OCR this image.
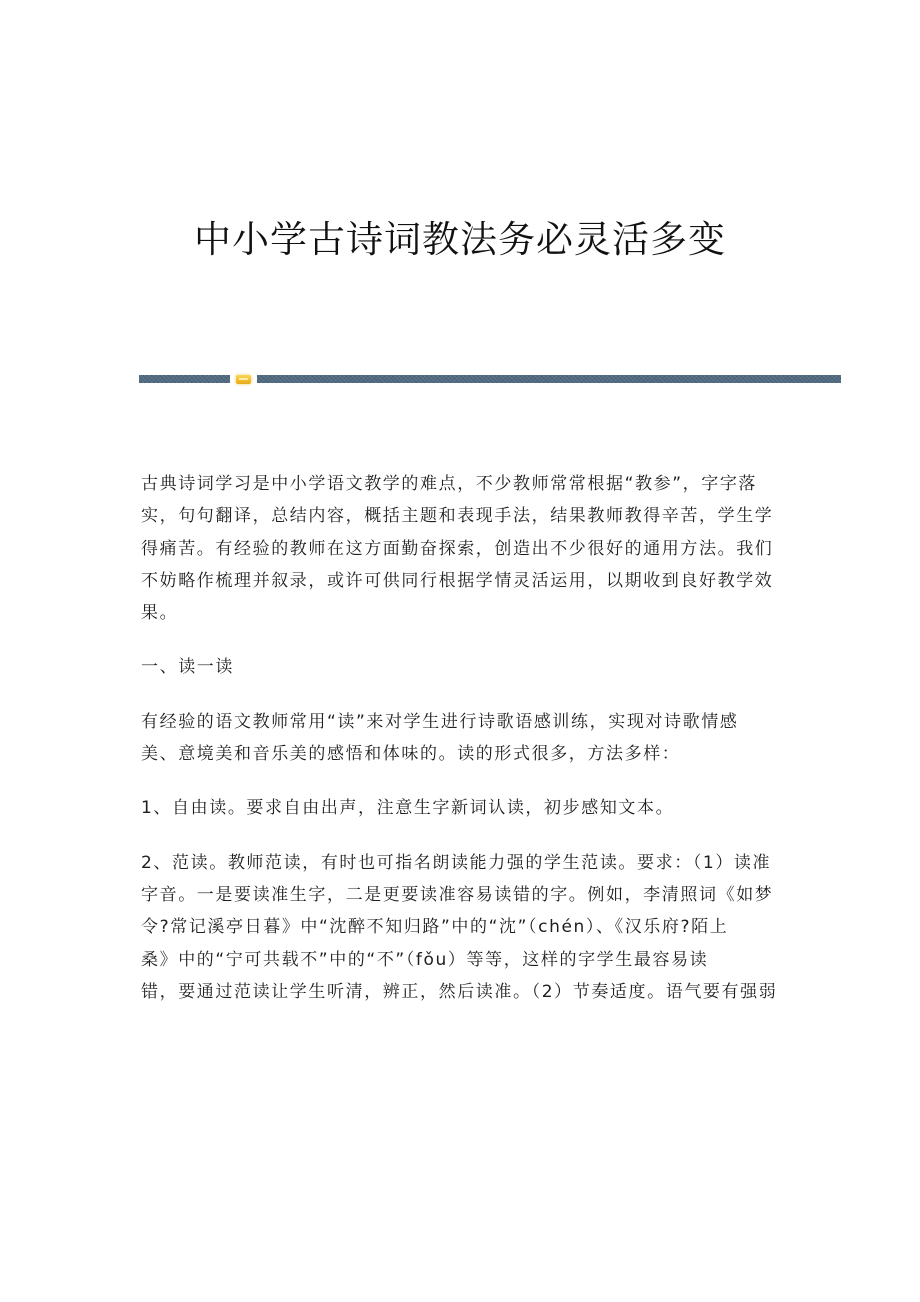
中小学古诗词教法务必灵活多变

古典诗词学习是中小学语文教学的难点，不少教师常常根据“教参”，字字落
实，句句翻译，总结内容，概括主题和表现手法，结果教师教得辛苦，学生学
得痛苦。有经验的教师在这方面勤奋探索，创造出不少很好的通用方法。我们
不妨略作梳理并叙录，或许可供同行根据学情灵活运用，以期收到良好教学效
果。

一、读一读

有经验的语文教师常用“读”来对学生进行诗歌语感训练，实现对诗歌情感
美、意境美和音乐美的感悟和体味的。读的形式很多，方法多样：

1、自由读。要求自由出声，注意生字新词认读，初步感知文本。

2、范读。教师范读，有时也可指名朗读能力强的学生范读。要求：（1）读准
字音。一是要读准生字，二是更要读准容易读错的字。例如，李清照词《如梦
令?常记溪亭日暮》中“沈醉不知归路”中的“沈”（chén）、《汉乐府?陌上
桑》中的“宁可共载不”中的“不”（fǒu）等等，这样的字学生最容易读
错，要通过范读让学生听清，辨正，然后读准。（2）节奏适度。语气要有强弱
